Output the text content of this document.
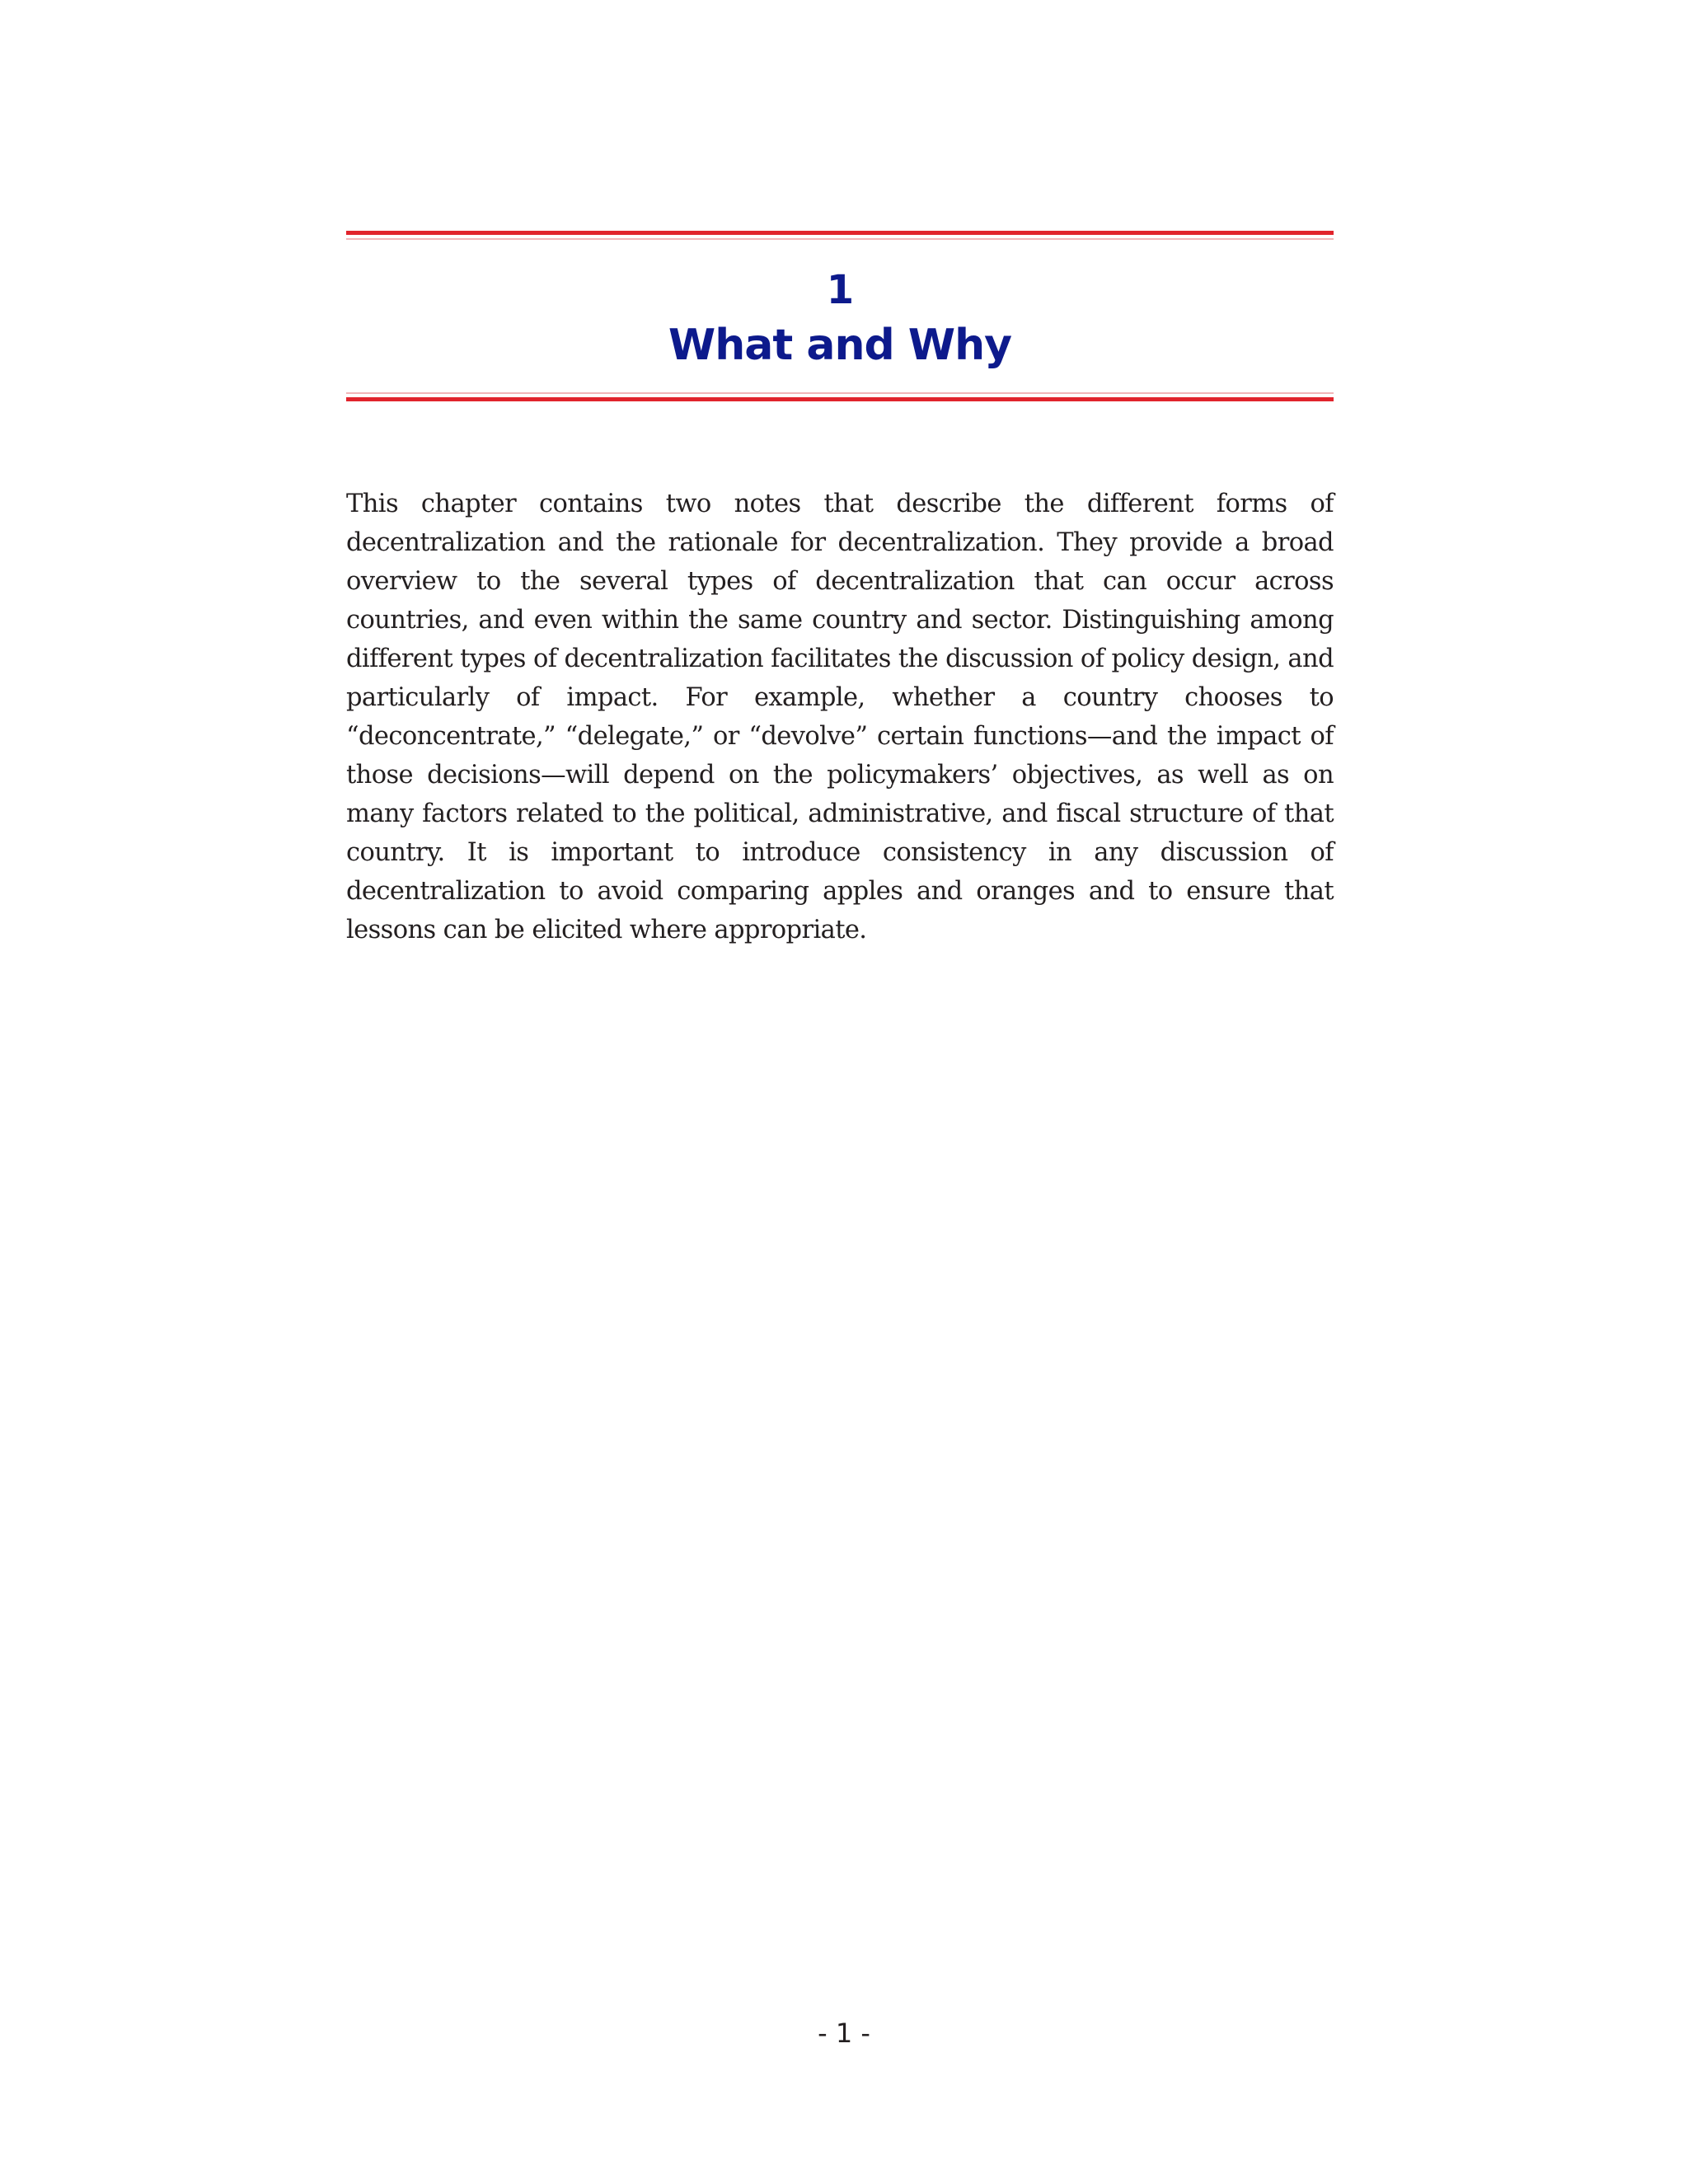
1
What and Why

This chapter contains two notes that describe the different forms of decentralization and the rationale for decentralization. They provide a broad overview to the several types of decentralization that can occur across countries, and even within the same country and sector. Distinguishing among different types of decentralization facilitates the discussion of policy design, and particularly of impact. For example, whether a country chooses to “deconcentrate,” “delegate,” or “devolve” certain functions—and the impact of those decisions—will depend on the policymakers’ objectives, as well as on many factors related to the political, administrative, and fiscal structure of that country. It is important to introduce consistency in any discussion of decentralization to avoid comparing apples and oranges and to ensure that lessons can be elicited where appropriate.

- 1 -
